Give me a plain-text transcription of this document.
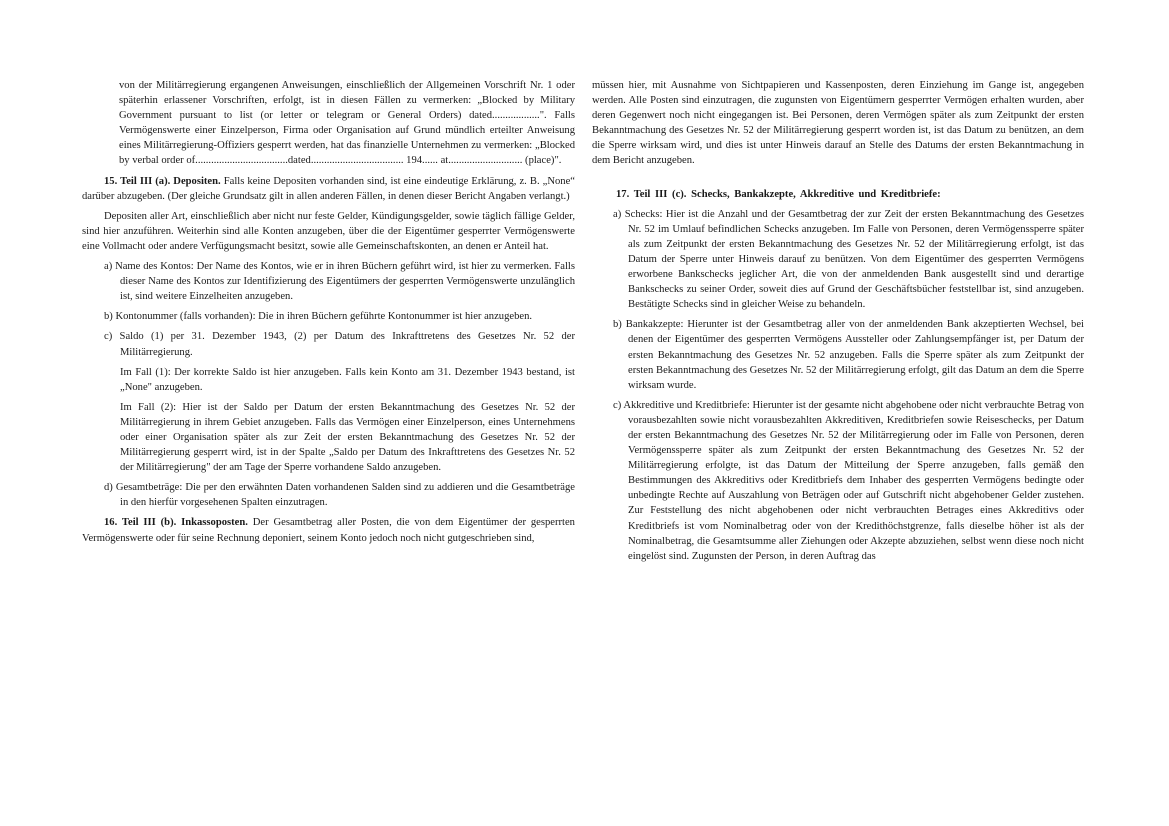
von der Militärregierung ergangenen Anweisungen, einschließlich der Allgemeinen Vorschrift Nr. 1 oder späterhin erlassener Vorschriften, erfolgt, ist in diesen Fällen zu vermerken: „Blocked by Military Government pursuant to list (or letter or telegram or General Orders) dated..................". Falls Vermögenswerte einer Einzelperson, Firma oder Organisation auf Grund mündlich erteilter Anweisung eines Militärregierung-Offiziers gesperrt werden, hat das finanzielle Unternehmen zu vermerken: „Blocked by verbal order of...................................dated................................... 194...... at............................ (place)".

15. Teil III (a). Depositen. Falls keine Depositen vorhanden sind, ist eine eindeutige Erklärung, z. B. „None“ darüber abzugeben. (Der gleiche Grundsatz gilt in allen anderen Fällen, in denen dieser Bericht Angaben verlangt.)

Depositen aller Art, einschließlich aber nicht nur feste Gelder, Kündigungsgelder, sowie täglich fällige Gelder, sind hier anzuführen. Weiterhin sind alle Konten anzugeben, über die der Eigentümer gesperrter Vermögenswerte eine Vollmacht oder andere Verfügungsmacht besitzt, sowie alle Gemeinschaftskonten, an denen er Anteil hat.

a) Name des Kontos: Der Name des Kontos, wie er in ihren Büchern geführt wird, ist hier zu vermerken. Falls dieser Name des Kontos zur Identifizierung des Eigentümers der gesperrten Vermögenswerte unzulänglich ist, sind weitere Einzelheiten anzugeben.

b) Kontonummer (falls vorhanden): Die in ihren Büchern geführte Kontonummer ist hier anzugeben.

c) Saldo (1) per 31. Dezember 1943, (2) per Datum des Inkrafttretens des Gesetzes Nr. 52 der Militärregierung.

Im Fall (1): Der korrekte Saldo ist hier anzugeben. Falls kein Konto am 31. Dezember 1943 bestand, ist „None" anzugeben.

Im Fall (2): Hier ist der Saldo per Datum der ersten Bekanntmachung des Gesetzes Nr. 52 der Militärregierung in ihrem Gebiet anzugeben. Falls das Vermögen einer Einzelperson, eines Unternehmens oder einer Organisation später als zur Zeit der ersten Bekanntmachung des Gesetzes Nr. 52 der Militärregierung gesperrt wird, ist in der Spalte „Saldo per Datum des Inkrafttretens des Gesetzes Nr. 52 der Militärregierung" der am Tage der Sperre vorhandene Saldo anzugeben.

d) Gesamtbeträge: Die per den erwähnten Daten vorhandenen Salden sind zu addieren und die Gesamtbeträge in den hierfür vorgesehenen Spalten einzutragen.

16. Teil III (b). Inkassoposten. Der Gesamtbetrag aller Posten, die von dem Eigentümer der gesperrten Vermögenswerte oder für seine Rechnung deponiert, seinem Konto jedoch noch nicht gutgeschrieben sind,

müssen hier, mit Ausnahme von Sichtpapieren und Kassenposten, deren Einziehung im Gange ist, angegeben werden. Alle Posten sind einzutragen, die zugunsten von Eigentümern gesperrter Vermögen erhalten wurden, aber deren Gegenwert noch nicht eingegangen ist. Bei Personen, deren Vermögen später als zum Zeitpunkt der ersten Bekanntmachung des Gesetzes Nr. 52 der Militärregierung gesperrt worden ist, ist das Datum zu benützen, an dem die Sperre wirksam wird, und dies ist unter Hinweis darauf an Stelle des Datums der ersten Bekanntmachung in dem Bericht anzugeben.

17. Teil III (c). Schecks, Bankakzepte, Akkreditive und Kreditbriefe:

a) Schecks: Hier ist die Anzahl und der Gesamtbetrag der zur Zeit der ersten Bekanntmachung des Gesetzes Nr. 52 im Umlauf befindlichen Schecks anzugeben. Im Falle von Personen, deren Vermögenssperre später als zum Zeitpunkt der ersten Bekanntmachung des Gesetzes Nr. 52 der Militärregierung erfolgt, ist das Datum der Sperre unter Hinweis darauf zu benützen. Von dem Eigentümer des gesperrten Vermögens erworbene Bankschecks jeglicher Art, die von der anmeldenden Bank ausgestellt sind und derartige Bankschecks zu seiner Order, soweit dies auf Grund der Geschäftsbücher feststellbar ist, sind anzugeben. Bestätigte Schecks sind in gleicher Weise zu behandeln.

b) Bankakzepte: Hierunter ist der Gesamtbetrag aller von der anmeldenden Bank akzeptierten Wechsel, bei denen der Eigentümer des gesperrten Vermögens Aussteller oder Zahlungsempfänger ist, per Datum der ersten Bekanntmachung des Gesetzes Nr. 52 anzugeben. Falls die Sperre später als zum Zeitpunkt der ersten Bekanntmachung des Gesetzes Nr. 52 der Militärregierung erfolgt, gilt das Datum an dem die Sperre wirksam wurde.

c) Akkreditive und Kreditbriefe: Hierunter ist der gesamte nicht abgehobene oder nicht verbrauchte Betrag von vorausbezahlten sowie nicht vorausbezahlten Akkreditiven, Kreditbriefen sowie Reiseschecks, per Datum der ersten Bekanntmachung des Gesetzes Nr. 52 der Militärregierung oder im Falle von Personen, deren Vermögenssperre später als zum Zeitpunkt der ersten Bekanntmachung des Gesetzes Nr. 52 der Militärregierung erfolgte, ist das Datum der Mitteilung der Sperre anzugeben, falls gemäß den Bestimmungen des Akkreditivs oder Kreditbriefs dem Inhaber des gesperrten Vermögens bedingte oder unbedingte Rechte auf Auszahlung von Beträgen oder auf Gutschrift nicht abgehobener Gelder zustehen. Zur Feststellung des nicht abgehobenen oder nicht verbrauchten Betrages eines Akkreditivs oder Kreditbriefs ist vom Nominalbetrag oder von der Kredithöchstgrenze, falls dieselbe höher ist als der Nominalbetrag, die Gesamtsumme aller Ziehungen oder Akzepte abzuziehen, selbst wenn diese noch nicht eingelöst sind. Zugunsten der Person, in deren Auftrag das
